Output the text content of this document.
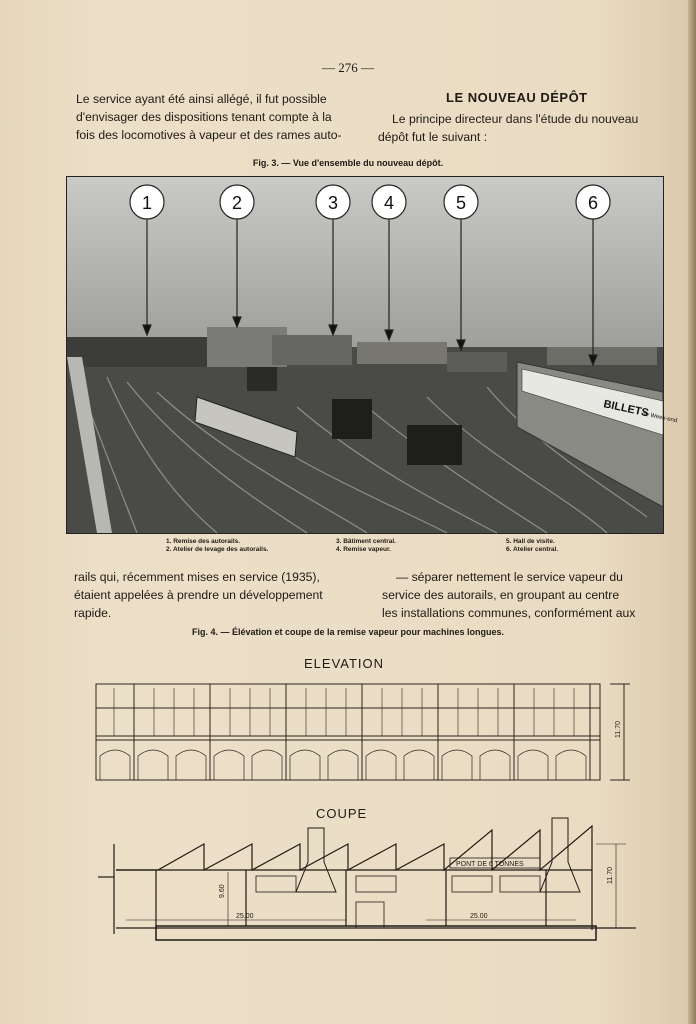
— 276 —
Le service ayant été ainsi allégé, il fut possible
d'envisager des dispositions tenant compte à la
fois des locomotives à vapeur et des rames auto-
LE NOUVEAU DÉPÔT
Le principe directeur dans l'étude du nouveau
dépôt fut le suivant :
Fig. 3. — Vue d'ensemble du nouveau dépôt.
BILLETS
de Week-end
1	2	3	4	5	6
1. Remise des autorails.
2. Atelier de levage des autorails.
3. Bâtiment central.
4. Remise vapeur.
5. Hall de visite.
6. Atelier central.
rails qui, récemment mises en service (1935),
étaient appelées à prendre un développement
rapide.
— séparer nettement le service vapeur du
service des autorails, en groupant au centre
les installations communes, conformément aux
Fig. 4. — Élévation et coupe de la remise vapeur pour machines longues.
ELEVATION
11.70
COUPE
PONT DE 6 TONNES
9.60
11.70
25.00	25.00
